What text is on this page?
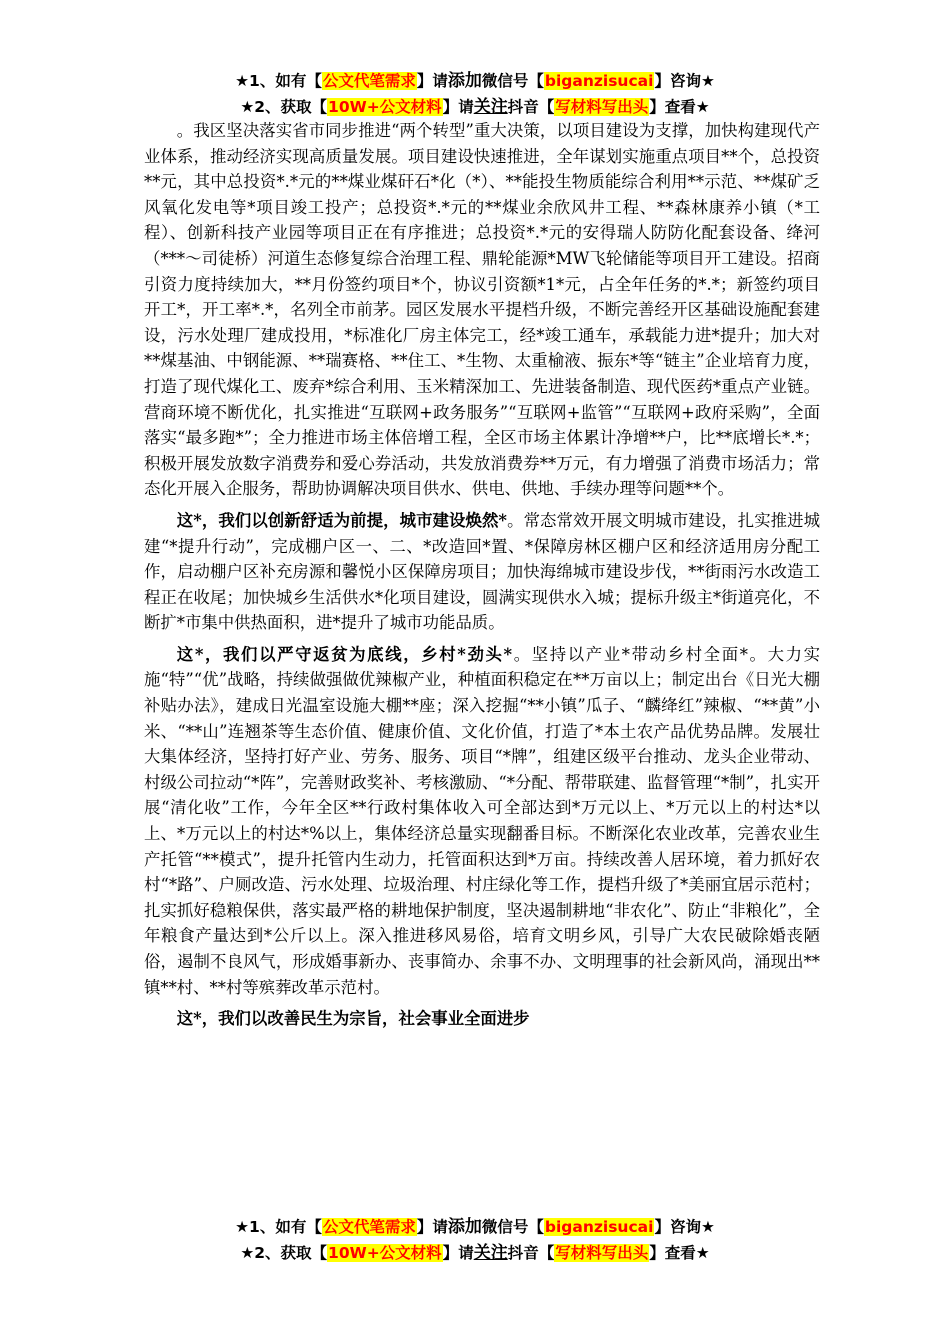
★1、如有【公文代笔需求】请添加微信号【biganzisucai】咨询★
★2、获取【10W+公文材料】请关注抖音【写材料写出头】查看★

。我区坚决落实省市同步推进“两个转型”重大决策，以项目建设为支撑，加快构建现代产业体系，推动经济实现高质量发展。项目建设快速推进，全年谋划实施重点项目**个，总投资**元，其中总投资*.*元的**煤业煤矸石*化（*）、**能投生物质能综合利用**示范、**煤矿乏风氧化发电等*项目竣工投产；总投资*.*元的**煤业余欣风井工程、**森林康养小镇（*工程）、创新科技产业园等项目正在有序推进；总投资*.*元的安得瑞人防防化配套设备、绛河（***～司徒桥）河道生态修复综合治理工程、鼎轮能源*MW飞轮储能等项目开工建设。招商引资力度持续加大，**月份签约项目*个，协议引资额*1*元，占全年任务的*.*；新签约项目开工*，开工率*.*，名列全市前茅。园区发展水平提档升级，不断完善经开区基础设施配套建设，污水处理厂建成投用，*标准化厂房主体完工，经*竣工通车，承载能力进*提升；加大对**煤基油、中钢能源、**瑞赛格、**住工、*生物、太重榆液、振东*等“链主”企业培育力度，打造了现代煤化工、废弃*综合利用、玉米精深加工、先进装备制造、现代医药*重点产业链。营商环境不断优化，扎实推进“互联网+政务服务”“互联网+监管”“互联网+政府采购”，全面落实“最多跑*”；全力推进市场主体倍增工程，全区市场主体累计净增**户，比**底增长*.*；积极开展发放数字消费券和爱心券活动，共发放消费券**万元，有力增强了消费市场活力；常态化开展入企服务，帮助协调解决项目供水、供电、供地、手续办理等问题**个。

这*，我们以创新舒适为前提，城市建设焕然*。常态常效开展文明城市建设，扎实推进城建“*提升行动”，完成棚户区一、二、*改造回*置、*保障房林区棚户区和经济适用房分配工作，启动棚户区补充房源和馨悦小区保障房项目；加快海绵城市建设步伐，**街雨污水改造工程正在收尾；加快城乡生活供水*化项目建设，圆满实现供水入城；提标升级主*街道亮化，不断扩*市集中供热面积，进*提升了城市功能品质。

这*，我们以严守返贫为底线，乡村*劲头*。坚持以产业*带动乡村全面*。大力实施“特”“优”战略，持续做强做优辣椒产业，种植面积稳定在**万亩以上；制定出台《日光大棚补贴办法》，建成日光温室设施大棚**座；深入挖掘“**小镇”瓜子、“麟绛红”辣椒、“**黄”小米、“**山”连翘茶等生态价值、健康价值、文化价值，打造了*本土农产品优势品牌。发展壮大集体经济，坚持打好产业、劳务、服务、项目“*牌”，组建区级平台推动、龙头企业带动、村级公司拉动“*阵”，完善财政奖补、考核激励、“*分配、帮带联建、监督管理“*制”，扎实开展“清化收”工作，今年全区**行政村集体收入可全部达到*万元以上、*万元以上的村达*以上、*万元以上的村达*%以上，集体经济总量实现翻番目标。不断深化农业改革，完善农业生产托管“**模式”，提升托管内生动力，托管面积达到*万亩。持续改善人居环境，着力抓好农村“*路”、户厕改造、污水处理、垃圾治理、村庄绿化等工作，提档升级了*美丽宜居示范村；扎实抓好稳粮保供，落实最严格的耕地保护制度，坚决遏制耕地“非农化”、防止“非粮化”，全年粮食产量达到*公斤以上。深入推进移风易俗，培育文明乡风，引导广大农民破除婚丧陋俗，遏制不良风气，形成婚事新办、丧事简办、余事不办、文明理事的社会新风尚，涌现出**镇**村、**村等殡葬改革示范村。

这*，我们以改善民生为宗旨，社会事业全面进步

★1、如有【公文代笔需求】请添加微信号【biganzisucai】咨询★
★2、获取【10W+公文材料】请关注抖音【写材料写出头】查看★
